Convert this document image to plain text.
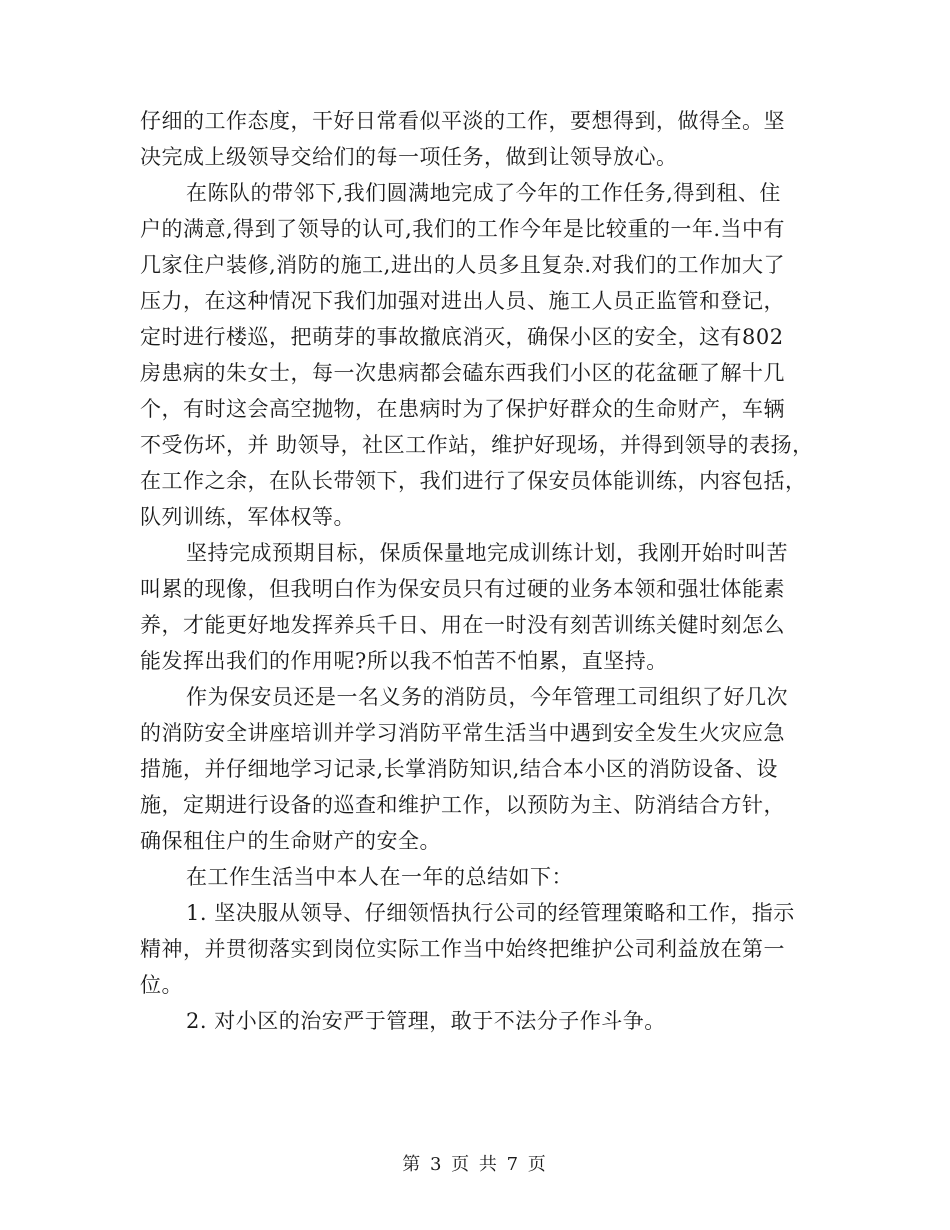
仔细的工作态度，干好日常看似平淡的工作，要想得到，做得全。坚
决完成上级领导交给们的每一项任务，做到让领导放心。
在陈队的带邻下,我们圆满地完成了今年的工作任务,得到租、住
户的满意,得到了领导的认可,我们的工作今年是比较重的一年.当中有
几家住户装修,消防的施工,进出的人员多且复杂.对我们的工作加大了
压力，在这种情况下我们加强对进出人员、施工人员正监管和登记，
定时进行楼巡，把萌芽的事故撤底消灭，确保小区的安全，这有802
房患病的朱女士，每一次患病都会磕东西我们小区的花盆砸了解十几
个，有时这会高空抛物，在患病时为了保护好群众的生命财产，车辆
不受伤坏，并 助领导，社区工作站，维护好现场，并得到领导的表扬，
在工作之余，在队长带领下，我们进行了保安员体能训练，内容包括，
队列训练，军体权等。
坚持完成预期目标，保质保量地完成训练计划，我刚开始时叫苦
叫累的现像，但我明白作为保安员只有过硬的业务本领和强壮体能素
养，才能更好地发挥养兵千日、用在一时没有刻苦训练关健时刻怎么
能发挥出我们的作用呢?所以我不怕苦不怕累，直坚持。
作为保安员还是一名义务的消防员，今年管理工司组织了好几次
的消防安全讲座培训并学习消防平常生活当中遇到安全发生火灾应急
措施，并仔细地学习记录,长掌消防知识,结合本小区的消防设备、设
施，定期进行设备的巡查和维护工作，以预防为主、防消结合方针，
确保租住户的生命财产的安全。
在工作生活当中本人在一年的总结如下：
1. 坚决服从领导、仔细领悟执行公司的经管理策略和工作，指示
精神，并贯彻落实到岗位实际工作当中始终把维护公司利益放在第一
位。
2. 对小区的治安严于管理，敢于不法分子作斗争。
第 3 页 共 7 页
